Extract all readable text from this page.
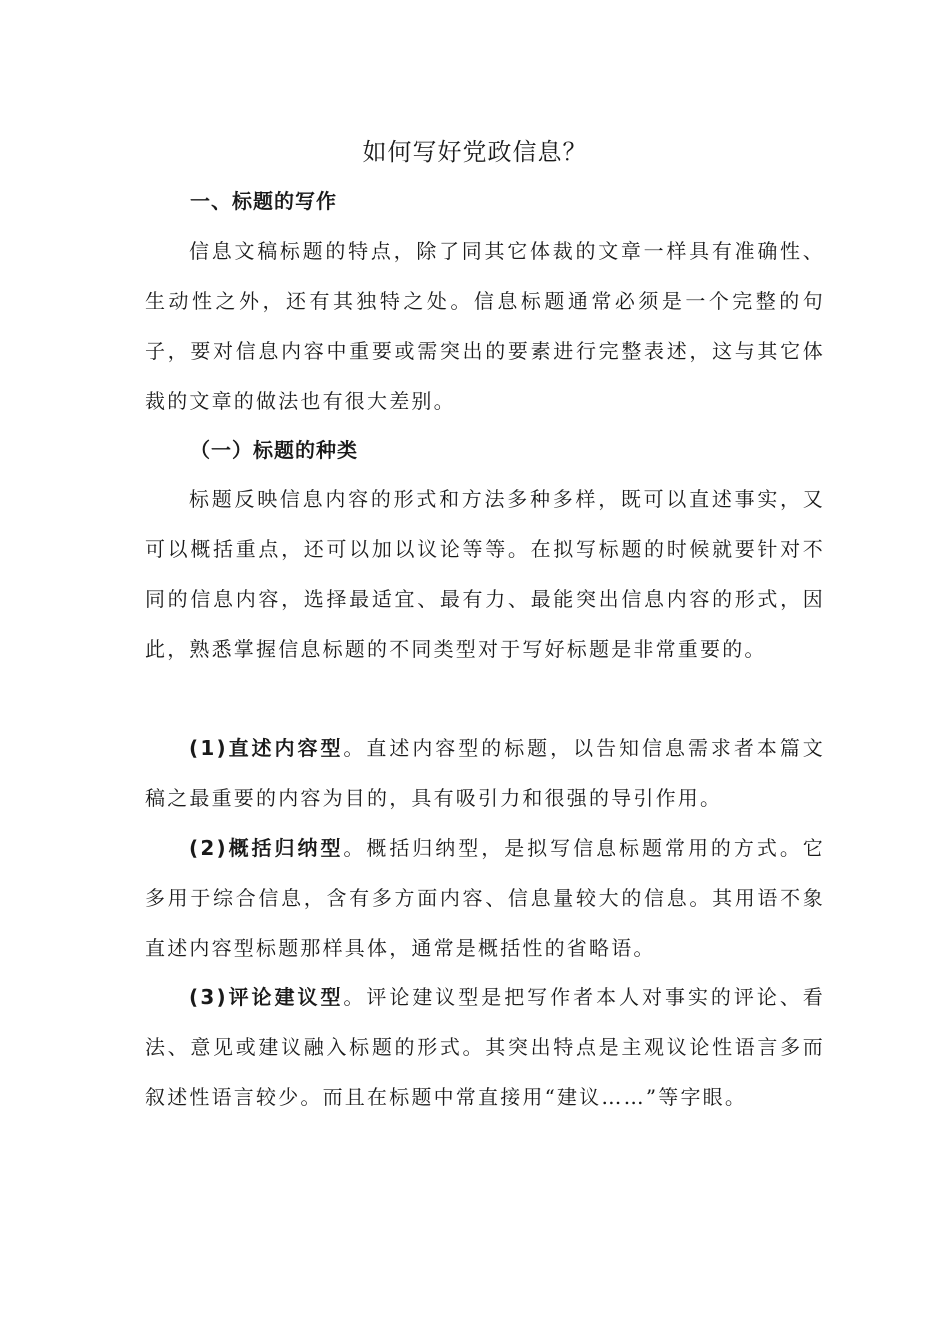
如何写好党政信息？
一、标题的写作

信息文稿标题的特点，除了同其它体裁的文章一样具有准确性、生动性之外，还有其独特之处。信息标题通常必须是一个完整的句子，要对信息内容中重要或需突出的要素进行完整表述，这与其它体裁的文章的做法也有很大差别。

（一）标题的种类

标题反映信息内容的形式和方法多种多样，既可以直述事实，又可以概括重点，还可以加以议论等等。在拟写标题的时候就要针对不同的信息内容，选择最适宜、最有力、最能突出信息内容的形式，因此，熟悉掌握信息标题的不同类型对于写好标题是非常重要的。

(1)直述内容型。直述内容型的标题，以告知信息需求者本篇文稿之最重要的内容为目的，具有吸引力和很强的导引作用。

(2)概括归纳型。概括归纳型，是拟写信息标题常用的方式。它多用于综合信息，含有多方面内容、信息量较大的信息。其用语不象直述内容型标题那样具体，通常是概括性的省略语。

(3)评论建议型。评论建议型是把写作者本人对事实的评论、看法、意见或建议融入标题的形式。其突出特点是主观议论性语言多而叙述性语言较少。而且在标题中常直接用“建议……”等字眼。
